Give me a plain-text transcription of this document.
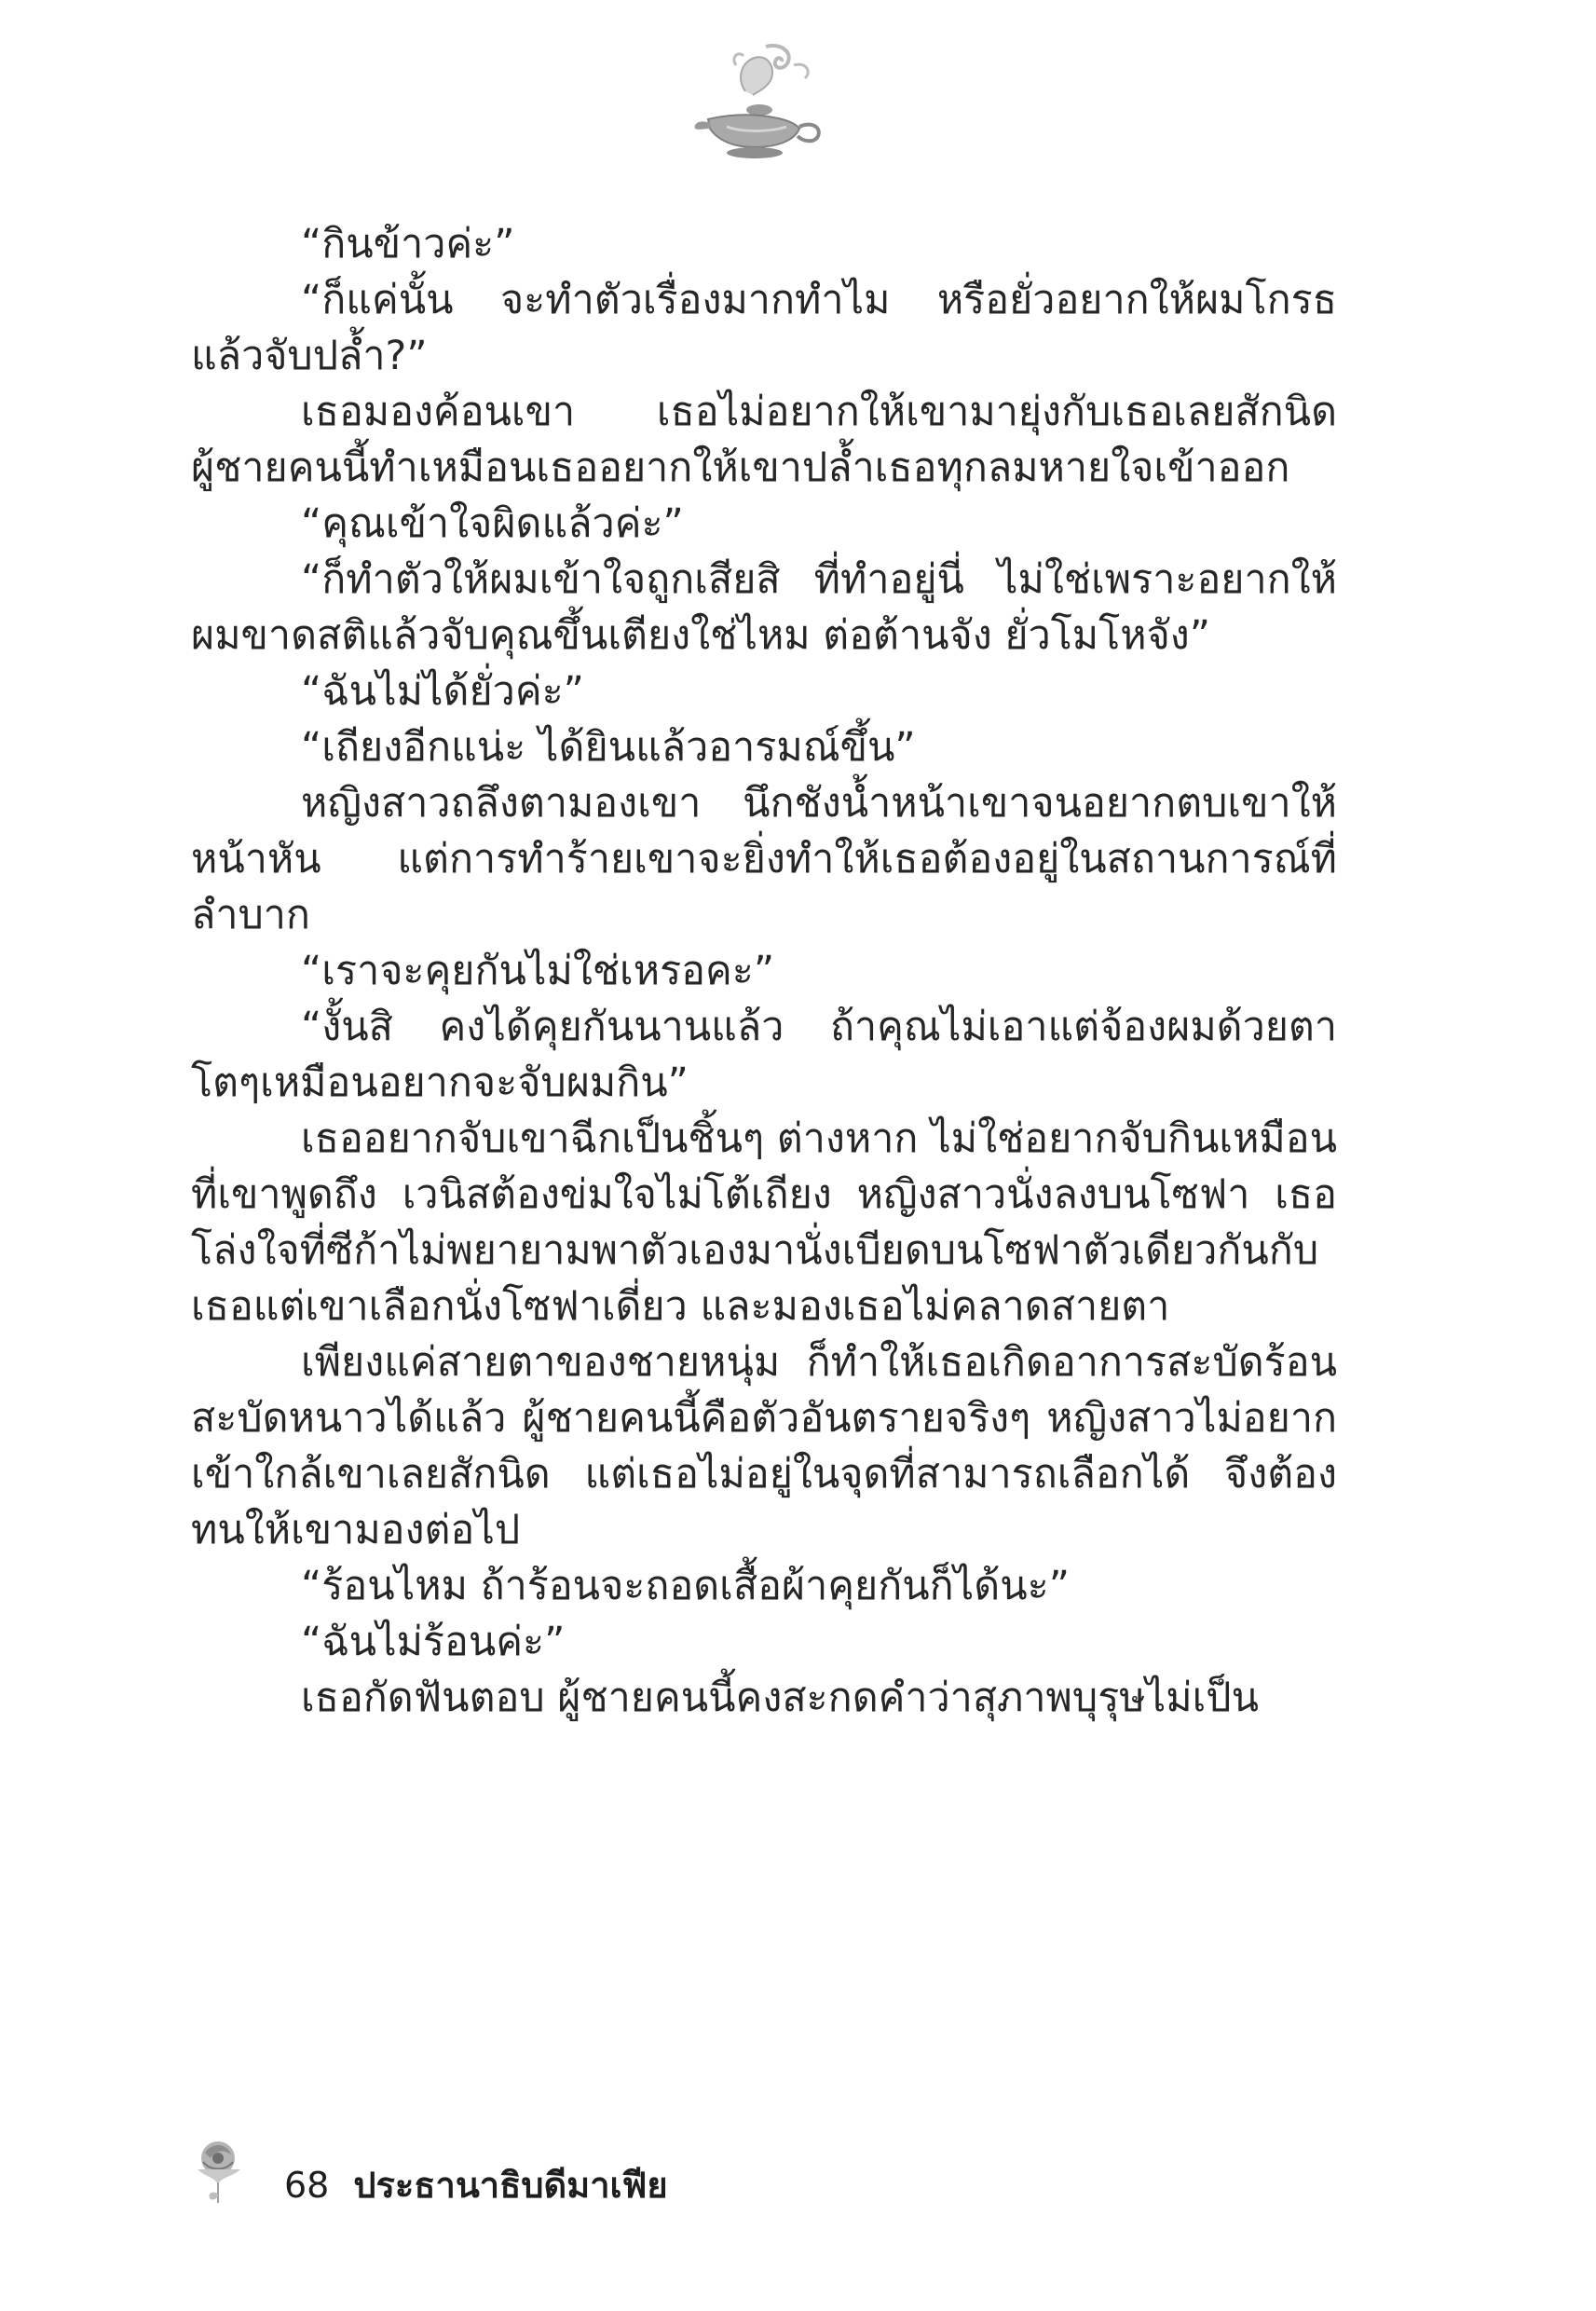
“กินข้าวค่ะ”

“ก็แค่นั้น จะทำตัวเรื่องมากทำไม หรือยั่วอยากให้ผมโกรธแล้วจับปล้ำ?”

เธอมองค้อนเขา เธอไม่อยากให้เขามายุ่งกับเธอเลยสักนิด ผู้ชายคนนี้ทำเหมือนเธออยากให้เขาปล้ำเธอทุกลมหายใจเข้าออก

“คุณเข้าใจผิดแล้วค่ะ”

“ก็ทำตัวให้ผมเข้าใจถูกเสียสิ ที่ทำอยู่นี่ ไม่ใช่เพราะอยากให้ผมขาดสติแล้วจับคุณขึ้นเตียงใช่ไหม ต่อต้านจัง ยั่วโมโหจัง”

“ฉันไม่ได้ยั่วค่ะ”

“เถียงอีกแน่ะ ได้ยินแล้วอารมณ์ขึ้น”

หญิงสาวถลึงตามองเขา นึกชังน้ำหน้าเขาจนอยากตบเขาให้หน้าหัน แต่การทำร้ายเขาจะยิ่งทำให้เธอต้องอยู่ในสถานการณ์ที่ลำบาก

“เราจะคุยกันไม่ใช่เหรอคะ”

“งั้นสิ คงได้คุยกันนานแล้ว ถ้าคุณไม่เอาแต่จ้องผมด้วยตาโตๆเหมือนอยากจะจับผมกิน”

เธออยากจับเขาฉีกเป็นชิ้นๆ ต่างหาก ไม่ใช่อยากจับกินเหมือนที่เขาพูดถึง เวนิสต้องข่มใจไม่โต้เถียง หญิงสาวนั่งลงบนโซฟา เธอโล่งใจที่ซีก้าไม่พยายามพาตัวเองมานั่งเบียดบนโซฟาตัวเดียวกันกับเธอแต่เขาเลือกนั่งโซฟาเดี่ยว และมองเธอไม่คลาดสายตา

เพียงแค่สายตาของชายหนุ่ม ก็ทำให้เธอเกิดอาการสะบัดร้อนสะบัดหนาวได้แล้ว ผู้ชายคนนี้คือตัวอันตรายจริงๆ หญิงสาวไม่อยากเข้าใกล้เขาเลยสักนิด แต่เธอไม่อยู่ในจุดที่สามารถเลือกได้ จึงต้องทนให้เขามองต่อไป

“ร้อนไหม ถ้าร้อนจะถอดเสื้อผ้าคุยกันก็ได้นะ”

“ฉันไม่ร้อนค่ะ”

เธอกัดฟันตอบ ผู้ชายคนนี้คงสะกดคำว่าสุภาพบุรุษไม่เป็น

68 ประธานาธิบดีมาเฟีย
